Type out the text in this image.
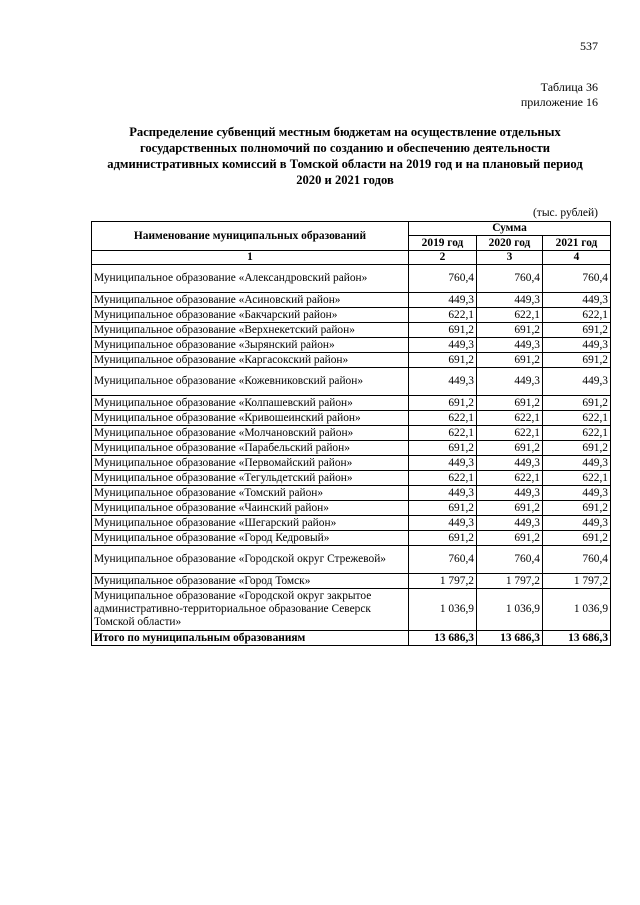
537
Таблица 36
приложение 16
Распределение субвенций местным бюджетам на осуществление отдельных государственных полномочий по созданию и обеспечению деятельности административных комиссий в Томской области на 2019 год и на плановый период 2020 и 2021 годов
(тыс. рублей)
Наименование муниципальных образований	Сумма		
	2019 год	2020 год	2021 год
1	2	3	4
Муниципальное образование «Александровский район»	760,4	760,4	760,4
Муниципальное образование «Асиновский район»	449,3	449,3	449,3
Муниципальное образование «Бакчарский район»	622,1	622,1	622,1
Муниципальное образование «Верхнекетский район»	691,2	691,2	691,2
Муниципальное образование «Зырянский район»	449,3	449,3	449,3
Муниципальное образование «Каргасокский район»	691,2	691,2	691,2
Муниципальное образование «Кожевниковский район»	449,3	449,3	449,3
Муниципальное образование «Колпашевский район»	691,2	691,2	691,2
Муниципальное образование «Кривошеинский район»	622,1	622,1	622,1
Муниципальное образование «Молчановский район»	622,1	622,1	622,1
Муниципальное образование «Парабельский район»	691,2	691,2	691,2
Муниципальное образование «Первомайский район»	449,3	449,3	449,3
Муниципальное образование «Тегульдетский район»	622,1	622,1	622,1
Муниципальное образование «Томский район»	449,3	449,3	449,3
Муниципальное образование «Чаинский район»	691,2	691,2	691,2
Муниципальное образование «Шегарский район»	449,3	449,3	449,3
Муниципальное образование «Город Кедровый»	691,2	691,2	691,2
Муниципальное образование «Городской округ Стрежевой»	760,4	760,4	760,4
Муниципальное образование «Город Томск»	1 797,2	1 797,2	1 797,2
Муниципальное образование «Городской округ закрытое административно-территориальное образование Северск Томской области»	1 036,9	1 036,9	1 036,9
Итого по муниципальным образованиям	13 686,3	13 686,3	13 686,3
